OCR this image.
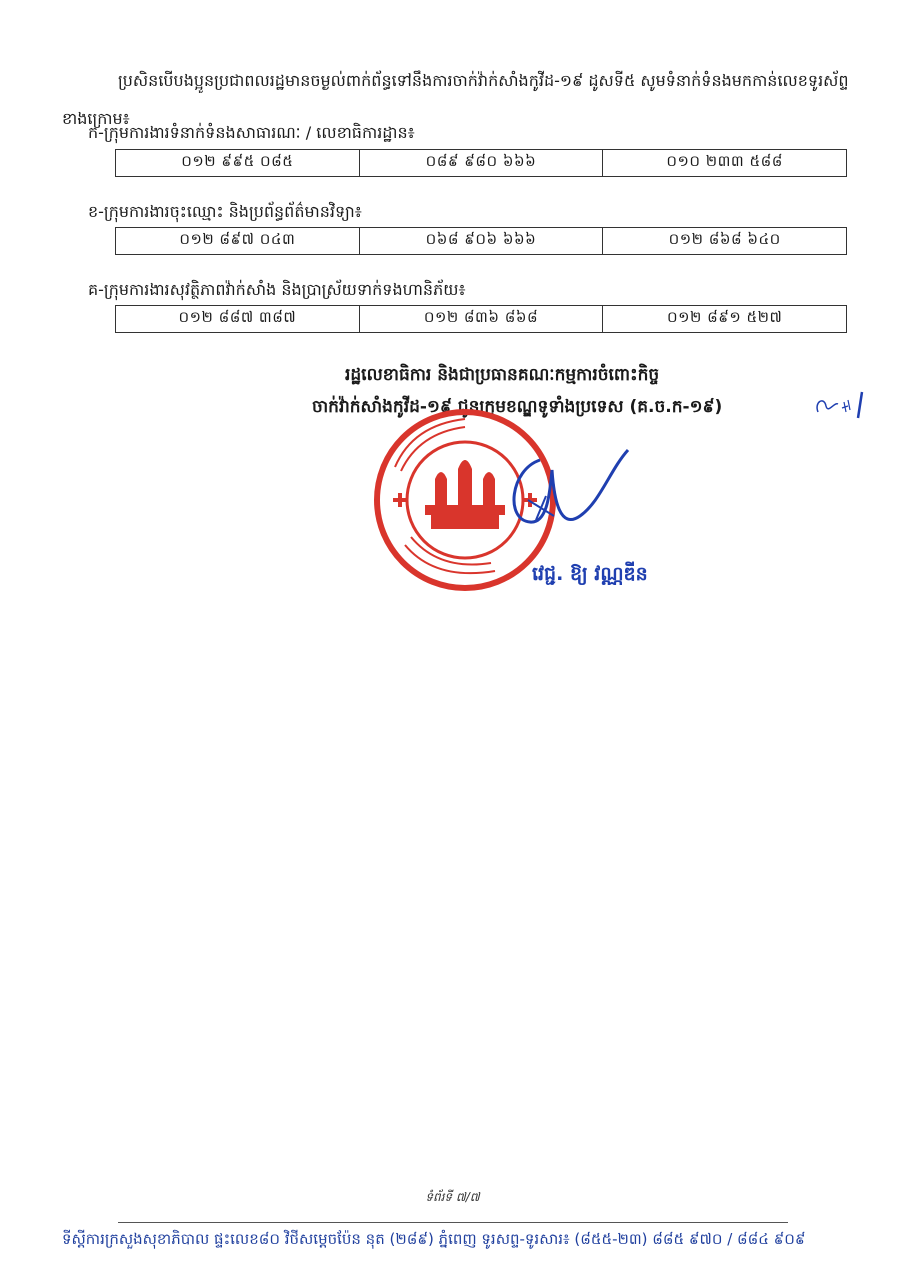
ប្រសិនបើបងប្អូនប្រជាពលរដ្ឋមានចម្ងល់ពាក់ព័ន្ធទៅនឹងការចាក់វ៉ាក់សាំងកូវីដ-១៩ ដូសទី៥ សូមទំនាក់ទំនងមកកាន់លេខទូរស័ព្ទខាងក្រោម៖

ក-ក្រុមការងារទំនាក់ទំនងសាធារណៈ / លេខាធិការដ្ឋាន៖
០១២ ៩៩៥ ០៨៥	០៨៩ ៩៨០ ៦៦៦	០១០ ២៣៣ ៥៨៨
ខ-ក្រុមការងារចុះឈ្មោះ និងប្រព័ន្ធព័ត៌មានវិទ្យា៖
០១២ ៨៩៧ ០៤៣	០៦៨ ៩០៦ ៦៦៦	០១២ ៨៦៨ ៦៤០
គ-ក្រុមការងារសុវត្ថិភាពវ៉ាក់សាំង និងប្រាស្រ័យទាក់ទងហានិភ័យ៖
០១២ ៨៨៧ ៣៨៧	០១២ ៨៣៦ ៨៦៨	០១២ ៨៩១ ៥២៧
រដ្ឋលេខាធិការ និងជាប្រធានគណៈកម្មការចំពោះកិច្ច
ចាក់វ៉ាក់សាំងកូវីដ-១៩ ជូនក្រុមខណ្ឌទូទាំងប្រទេស (គ.ច.ក-១៩)
វេជ្ជ. ឱ្យ វណ្ណឌីន
ទំព័រទី ៧/៧
ទីស្តីការក្រសួងសុខាភិបាល ផ្ទះលេខ៨០ វិថីសម្តេចប៉ែន នុត (២៨៩) ភ្នំពេញ ទូរសព្ទ-ទូរសារ៖ (៨៥៥-២៣) ៨៨៥ ៩៧០ / ៨៨៤ ៩០៩
